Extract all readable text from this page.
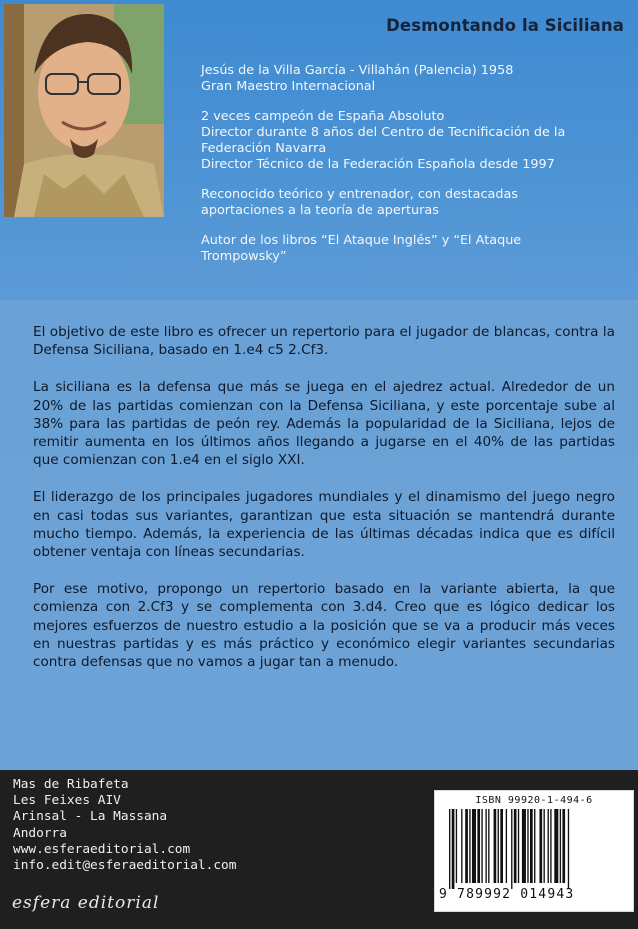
Desmontando la Siciliana

Jesús de la Villa García - Villahán (Palencia) 1958
Gran Maestro Internacional

2 veces campeón de España Absoluto
Director durante 8 años del Centro de Tecnificación de la
Federación Navarra
Director Técnico de la Federación Española desde 1997

Reconocido teórico y entrenador, con destacadas
aportaciones a la teoría de aperturas

Autor de los libros “El Ataque Inglés” y “El Ataque
Trompowsky”

El objetivo de este libro es ofrecer un repertorio para el jugador de blancas, contra la Defensa Siciliana, basado en 1.e4 c5 2.Cf3.

La siciliana es la defensa que más se juega en el ajedrez actual. Alrededor de un 20% de las partidas comienzan con la Defensa Siciliana, y este porcentaje sube al 38% para las partidas de peón rey. Además la popularidad de la Siciliana, lejos de remitir aumenta en los últimos años llegando a jugarse en el 40% de las partidas que comienzan con 1.e4 en el siglo XXI.

El liderazgo de los principales jugadores mundiales y el dinamismo del juego negro en casi todas sus variantes, garantizan que esta situación se mantendrá durante mucho tiempo. Además, la experiencia de las últimas décadas indica que es difícil obtener ventaja con líneas secundarias.

Por ese motivo, propongo un repertorio basado en la variante abierta, la que comienza con 2.Cf3 y se complementa con 3.d4. Creo que es lógico dedicar los mejores esfuerzos de nuestro estudio a la posición que se va a producir más veces en nuestras partidas y es más práctico y económico elegir variantes secundarias contra defensas que no vamos a jugar tan a menudo.

Mas de Ribafeta
Les Feixes AIV
Arinsal - La Massana
Andorra
www.esferaeditorial.com
info.edit@esferaeditorial.com
esfera editorial
ISBN 99920-1-494-6
9 789992 014943
